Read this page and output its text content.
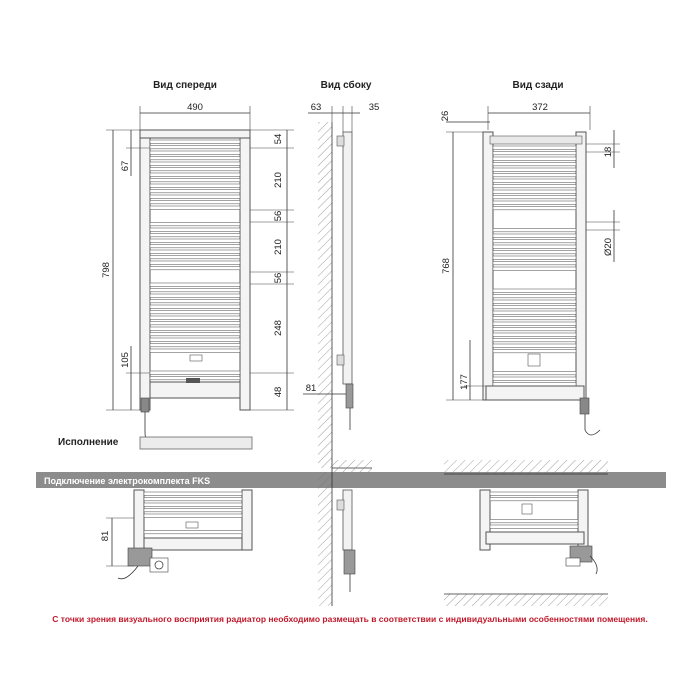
Вид спереди	Вид сбоку	Вид сзади
490
798
67
105
54
210
56
210
56
248
48
Исполнение
63	35
81
372
768
177
26
18
Ø20
Подключение электрокомплекта FKS
81
С точки зрения визуального восприятия радиатор необходимо размещать в соответствии с индивидуальными особенностями помещения.
